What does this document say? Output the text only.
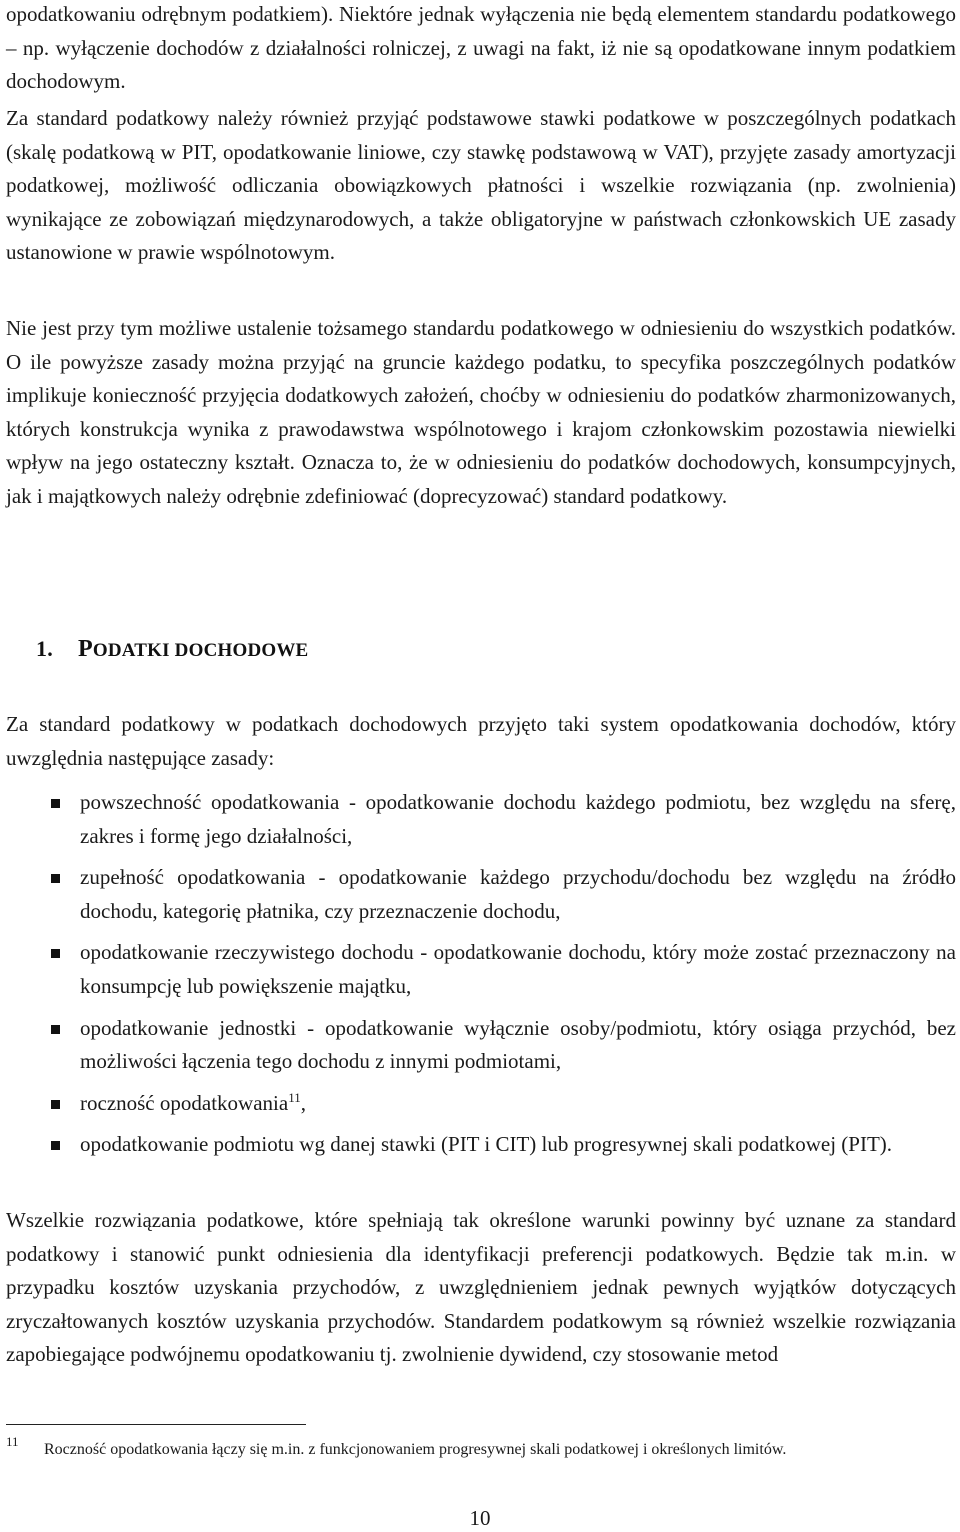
opodatkowaniu odrębnym podatkiem). Niektóre jednak wyłączenia nie będą elementem standardu podatkowego – np. wyłączenie dochodów z działalności rolniczej, z uwagi na fakt, iż nie są opodatkowane innym podatkiem dochodowym.

Za standard podatkowy należy również przyjąć podstawowe stawki podatkowe w poszczególnych podatkach (skalę podatkową w PIT, opodatkowanie liniowe, czy stawkę podstawową w VAT), przyjęte zasady amortyzacji podatkowej, możliwość odliczania obowiązkowych płatności i wszelkie rozwiązania (np. zwolnienia) wynikające ze zobowiązań międzynarodowych, a także obligatoryjne w państwach członkowskich UE zasady ustanowione w prawie wspólnotowym.

Nie jest przy tym możliwe ustalenie tożsamego standardu podatkowego w odniesieniu do wszystkich podatków. O ile powyższe zasady można przyjąć na gruncie każdego podatku, to specyfika poszczególnych podatków implikuje konieczność przyjęcia dodatkowych założeń, choćby w odniesieniu do podatków zharmonizowanych, których konstrukcja wynika z prawodawstwa wspólnotowego i krajom członkowskim pozostawia niewielki wpływ na jego ostateczny kształt. Oznacza to, że w odniesieniu do podatków dochodowych, konsumpcyjnych, jak i majątkowych należy odrębnie zdefiniować (doprecyzować) standard podatkowy.

1. PODATKI DOCHODOWE

Za standard podatkowy w podatkach dochodowych przyjęto taki system opodatkowania dochodów, który uwzględnia następujące zasady:

powszechność opodatkowania - opodatkowanie dochodu każdego podmiotu, bez względu na sferę, zakres i formę jego działalności,
zupełność opodatkowania - opodatkowanie każdego przychodu/dochodu bez względu na źródło dochodu, kategorię płatnika, czy przeznaczenie dochodu,
opodatkowanie rzeczywistego dochodu - opodatkowanie dochodu, który może zostać przeznaczony na konsumpcję lub powiększenie majątku,
opodatkowanie jednostki - opodatkowanie wyłącznie osoby/podmiotu, który osiąga przychód, bez możliwości łączenia tego dochodu z innymi podmiotami,
roczność opodatkowania$^{11}$,
opodatkowanie podmiotu wg danej stawki (PIT i CIT) lub progresywnej skali podatkowej (PIT).

Wszelkie rozwiązania podatkowe, które spełniają tak określone warunki powinny być uznane za standard podatkowy i stanowić punkt odniesienia dla identyfikacji preferencji podatkowych. Będzie tak m.in. w przypadku kosztów uzyskania przychodów, z uwzględnieniem jednak pewnych wyjątków dotyczących zryczałtowanych kosztów uzyskania przychodów. Standardem podatkowym są również wszelkie rozwiązania zapobiegające podwójnemu opodatkowaniu tj. zwolnienie dywidend, czy stosowanie metod

11 Roczność opodatkowania łączy się m.in. z funkcjonowaniem progresywnej skali podatkowej i określonych limitów.
10
